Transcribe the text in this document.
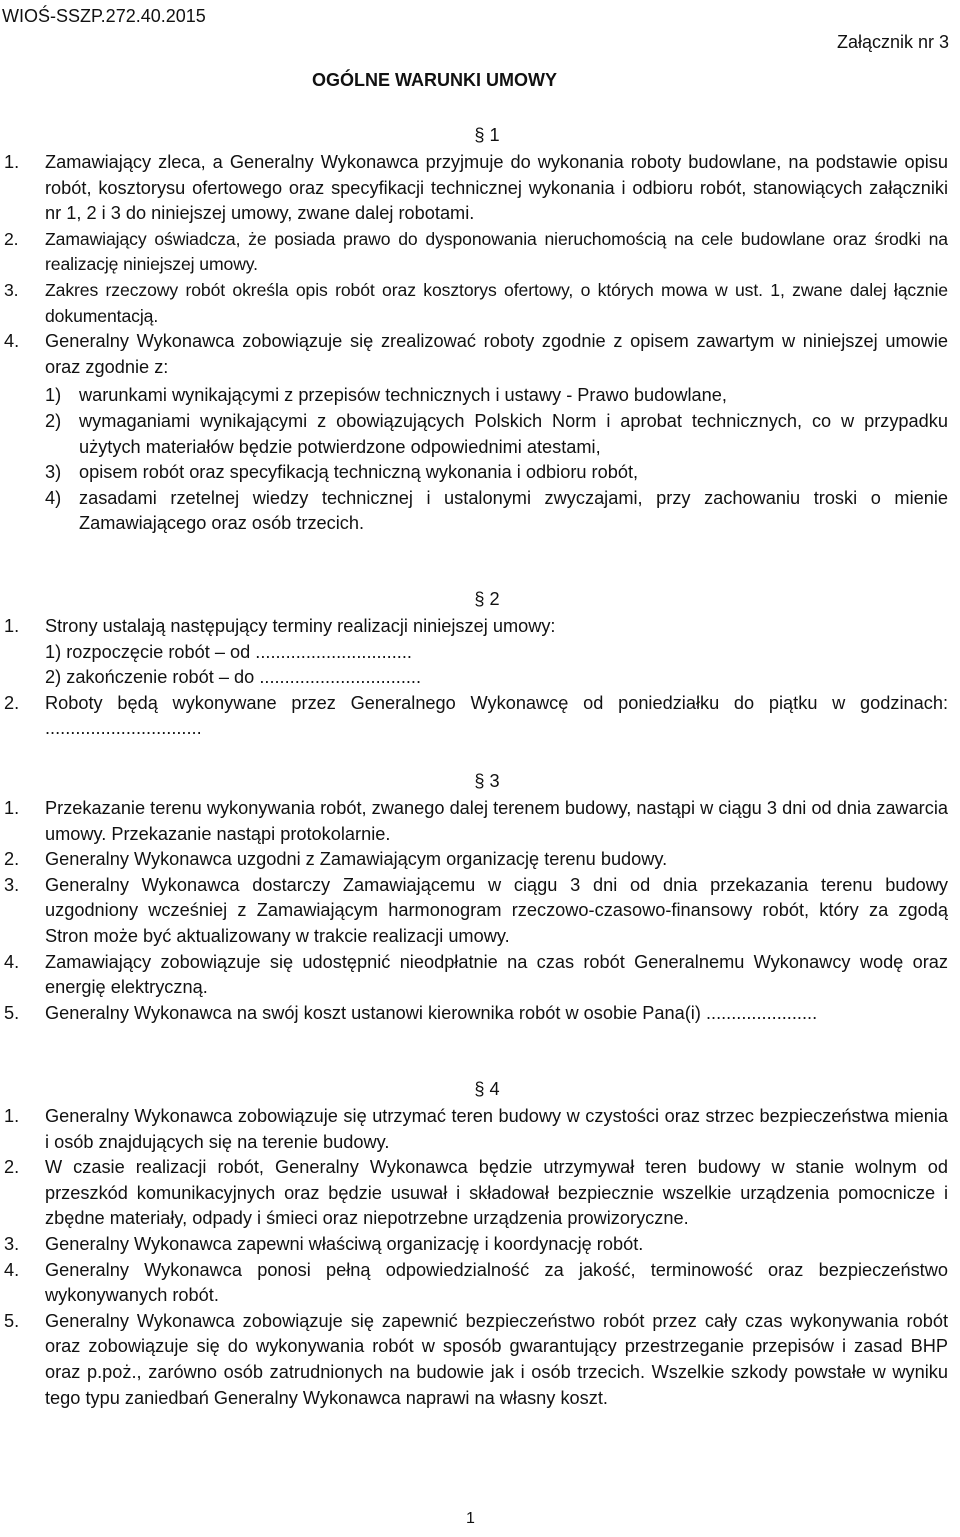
WIOŚ-SSZP.272.40.2015
Załącznik nr 3
OGÓLNE WARUNKI UMOWY
§ 1
1.	Zamawiający zleca, a Generalny Wykonawca przyjmuje do wykonania roboty budowlane, na podstawie opisu robót, kosztorysu ofertowego oraz specyfikacji technicznej wykonania i odbioru robót, stanowiących załączniki nr 1, 2 i 3 do niniejszej umowy, zwane dalej robotami.
2.	Zamawiający oświadcza, że posiada prawo do dysponowania nieruchomością na cele budowlane oraz środki na realizację niniejszej umowy.
3.	Zakres rzeczowy robót określa opis robót oraz kosztorys ofertowy, o których mowa w ust. 1, zwane dalej łącznie dokumentacją.
4.	Generalny Wykonawca zobowiązuje się zrealizować roboty zgodnie z opisem zawartym w niniejszej umowie oraz zgodnie z:
1) warunkami wynikającymi z przepisów technicznych i ustawy - Prawo budowlane,
2) wymaganiami wynikającymi z obowiązujących Polskich Norm i aprobat technicznych, co w przypadku użytych materiałów będzie potwierdzone odpowiednimi atestami,
3) opisem robót oraz specyfikacją techniczną wykonania i odbioru robót,
4) zasadami rzetelnej wiedzy technicznej i ustalonymi zwyczajami, przy zachowaniu troski o mienie Zamawiającego oraz osób trzecich.
§ 2
1.	Strony ustalają następujący terminy realizacji niniejszej umowy:
1) rozpoczęcie robót – od ...............................
2) zakończenie robót – do ................................
2.	Roboty będą wykonywane przez Generalnego Wykonawcę od poniedziałku do piątku w godzinach: ...............................
§ 3
1.	Przekazanie terenu wykonywania robót, zwanego dalej terenem budowy, nastąpi w ciągu 3 dni od dnia zawarcia umowy. Przekazanie nastąpi protokolarnie.
2.	Generalny Wykonawca uzgodni z Zamawiającym organizację terenu budowy.
3.	Generalny Wykonawca dostarczy Zamawiającemu w ciągu 3 dni od dnia przekazania terenu budowy uzgodniony wcześniej z Zamawiającym harmonogram rzeczowo-czasowo-finansowy robót, który za zgodą Stron może być aktualizowany w trakcie realizacji umowy.
4.	Zamawiający zobowiązuje się udostępnić nieodpłatnie na czas robót Generalnemu Wykonawcy wodę oraz energię elektryczną.
5.	Generalny Wykonawca na swój koszt ustanowi kierownika robót w osobie Pana(i) ......................
§ 4
1.	Generalny Wykonawca zobowiązuje się utrzymać teren budowy w czystości oraz strzec bezpieczeństwa mienia i osób znajdujących się na terenie budowy.
2.	W czasie realizacji robót, Generalny Wykonawca będzie utrzymywał teren budowy w stanie wolnym od przeszkód komunikacyjnych oraz będzie usuwał i składował bezpiecznie wszelkie urządzenia pomocnicze i zbędne materiały, odpady i śmieci oraz niepotrzebne urządzenia prowizoryczne.
3.	Generalny Wykonawca zapewni właściwą organizację i koordynację robót.
4.	Generalny Wykonawca ponosi pełną odpowiedzialność za jakość, terminowość oraz bezpieczeństwo wykonywanych robót.
5.	Generalny Wykonawca zobowiązuje się zapewnić bezpieczeństwo robót przez cały czas wykonywania robót oraz zobowiązuje się do wykonywania robót w sposób gwarantujący przestrzeganie przepisów i zasad BHP oraz p.poż., zarówno osób zatrudnionych na budowie jak i osób trzecich. Wszelkie szkody powstałe w wyniku tego typu zaniedbań Generalny Wykonawca naprawi na własny koszt.
1
